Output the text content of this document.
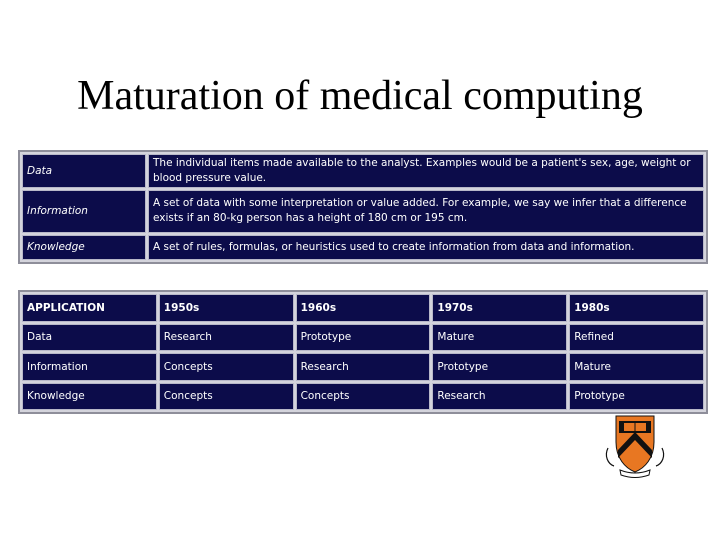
Maturation of medical computing
Data	The individual items made available to the analyst. Examples would be a patient's sex, age, weight or blood pressure value.
Information	A set of data with some interpretation or value added. For example, we say we infer that a difference exists if an 80-kg person has a height of 180 cm or 195 cm.
Knowledge	A set of rules, formulas, or heuristics used to create information from data and information.
APPLICATION	1950s	1960s	1970s	1980s
Data	Research	Prototype	Mature	Refined
Information	Concepts	Research	Prototype	Mature
Knowledge	Concepts	Concepts	Research	Prototype
